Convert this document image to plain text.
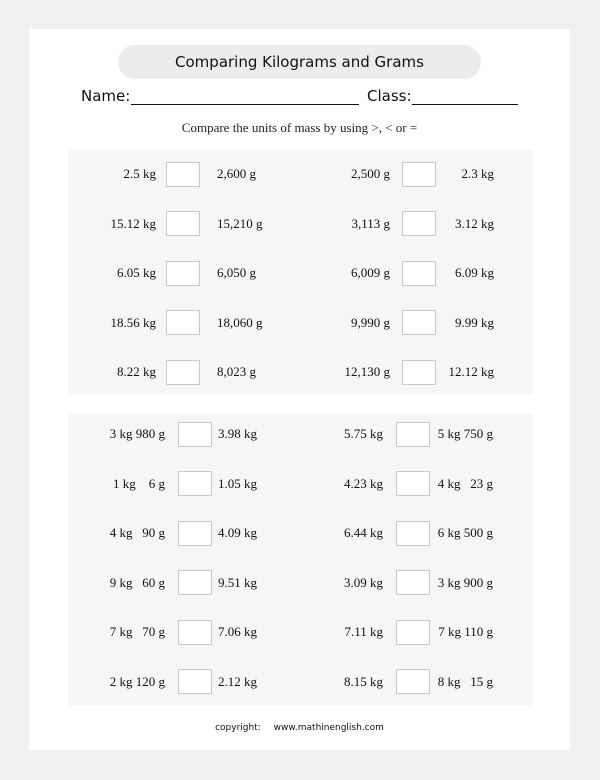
Comparing Kilograms and Grams
Name:	Class:
Compare the units of mass by using >, < or =
2.5 kg	2,600 g	2,500 g	2.3 kg
15.12 kg	15,210 g	3,113 g	3.12 kg
6.05 kg	6,050 g	6,009 g	6.09 kg
18.56 kg	18,060 g	9,990 g	9.99 kg
8.22 kg	8,023 g	12,130 g	12.12 kg
3 kg 980 g	3.98 kg	5.75 kg	5 kg 750 g
1 kg    6 g	1.05 kg	4.23 kg	4 kg   23 g
4 kg   90 g	4.09 kg	6.44 kg	6 kg 500 g
9 kg   60 g	9.51 kg	3.09 kg	3 kg 900 g
7 kg   70 g	7.06 kg	7.11 kg	7 kg 110 g
2 kg 120 g	2.12 kg	8.15 kg	8 kg   15 g
copyright: www.mathinenglish.com
